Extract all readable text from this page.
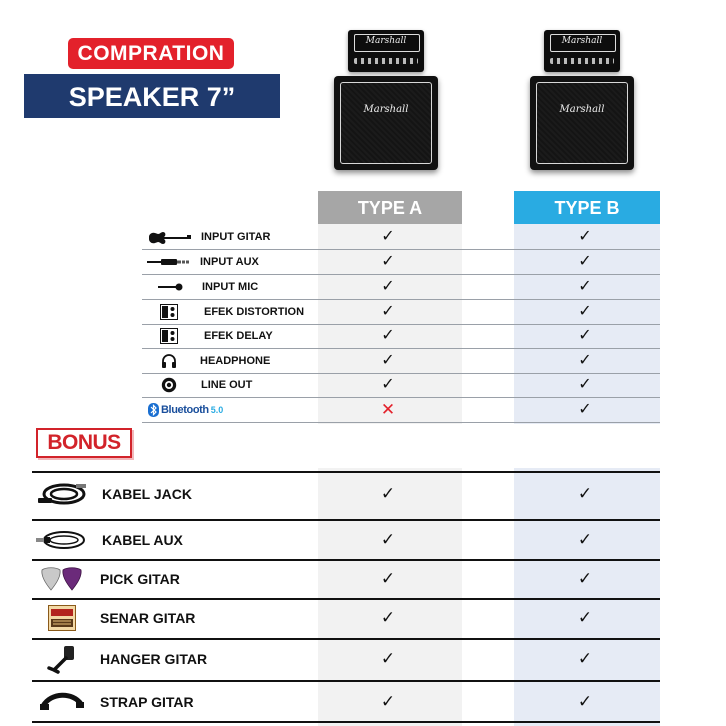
COMPRATION
SPEAKER 7”
Marshall
Marshall
Marshall
Marshall
TYPE A	TYPE B
INPUT GITAR	✓	✓
INPUT AUX	✓	✓
INPUT MIC	✓	✓
EFEK DISTORTION	✓	✓
EFEK DELAY	✓	✓
HEADPHONE	✓	✓
LINE OUT	✓	✓
Bluetooth 5.0	✕	✓
BONUS
KABEL JACK	✓	✓
KABEL AUX	✓	✓
PICK GITAR	✓	✓
SENAR GITAR	✓	✓
HANGER GITAR	✓	✓
STRAP GITAR	✓	✓
